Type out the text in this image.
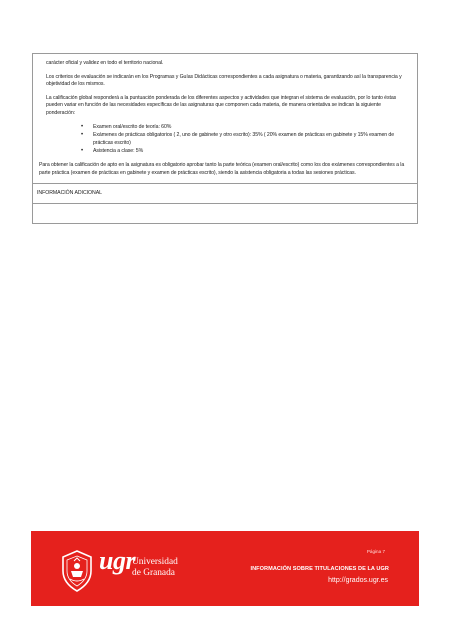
carácter oficial y validez en todo el territorio nacional.

Los criterios de evaluación se indicarán en los Programas y Guías Didácticas correspondientes a cada asignatura o materia, garantizando así la transparencia y objetividad de los mismos.

La calificación global responderá a la puntuación ponderada de los diferentes aspectos y actividades que integran el sistema de evaluación, por lo tanto éstas pueden variar en función de las necesidades específicas de las asignaturas que componen cada materia, de manera orientativa se indican la siguiente ponderación:

• Examen oral/escrito de teoría: 60%
• Exámenes de prácticas obligatorios ( 2, uno de gabinete y otro escrito): 35% ( 20% examen de prácticas en gabinete y 15% examen de prácticas escrito)
• Asistencia a clase: 5%

Para obtener la calificación de apto en la asignatura es obligatorio aprobar tanto la parte teórica (examen oral/escrito) como los dos exámenes correspondientes a la parte práctica (examen de prácticas en gabinete y examen de prácticas escrito), siendo la asistencia obligatoria a todas las sesiones prácticas.

INFORMACIÓN ADICIONAL
ugr
Universidad
de Granada
Página 7
INFORMACIÓN SOBRE TITULACIONES DE LA UGR
http://grados.ugr.es
